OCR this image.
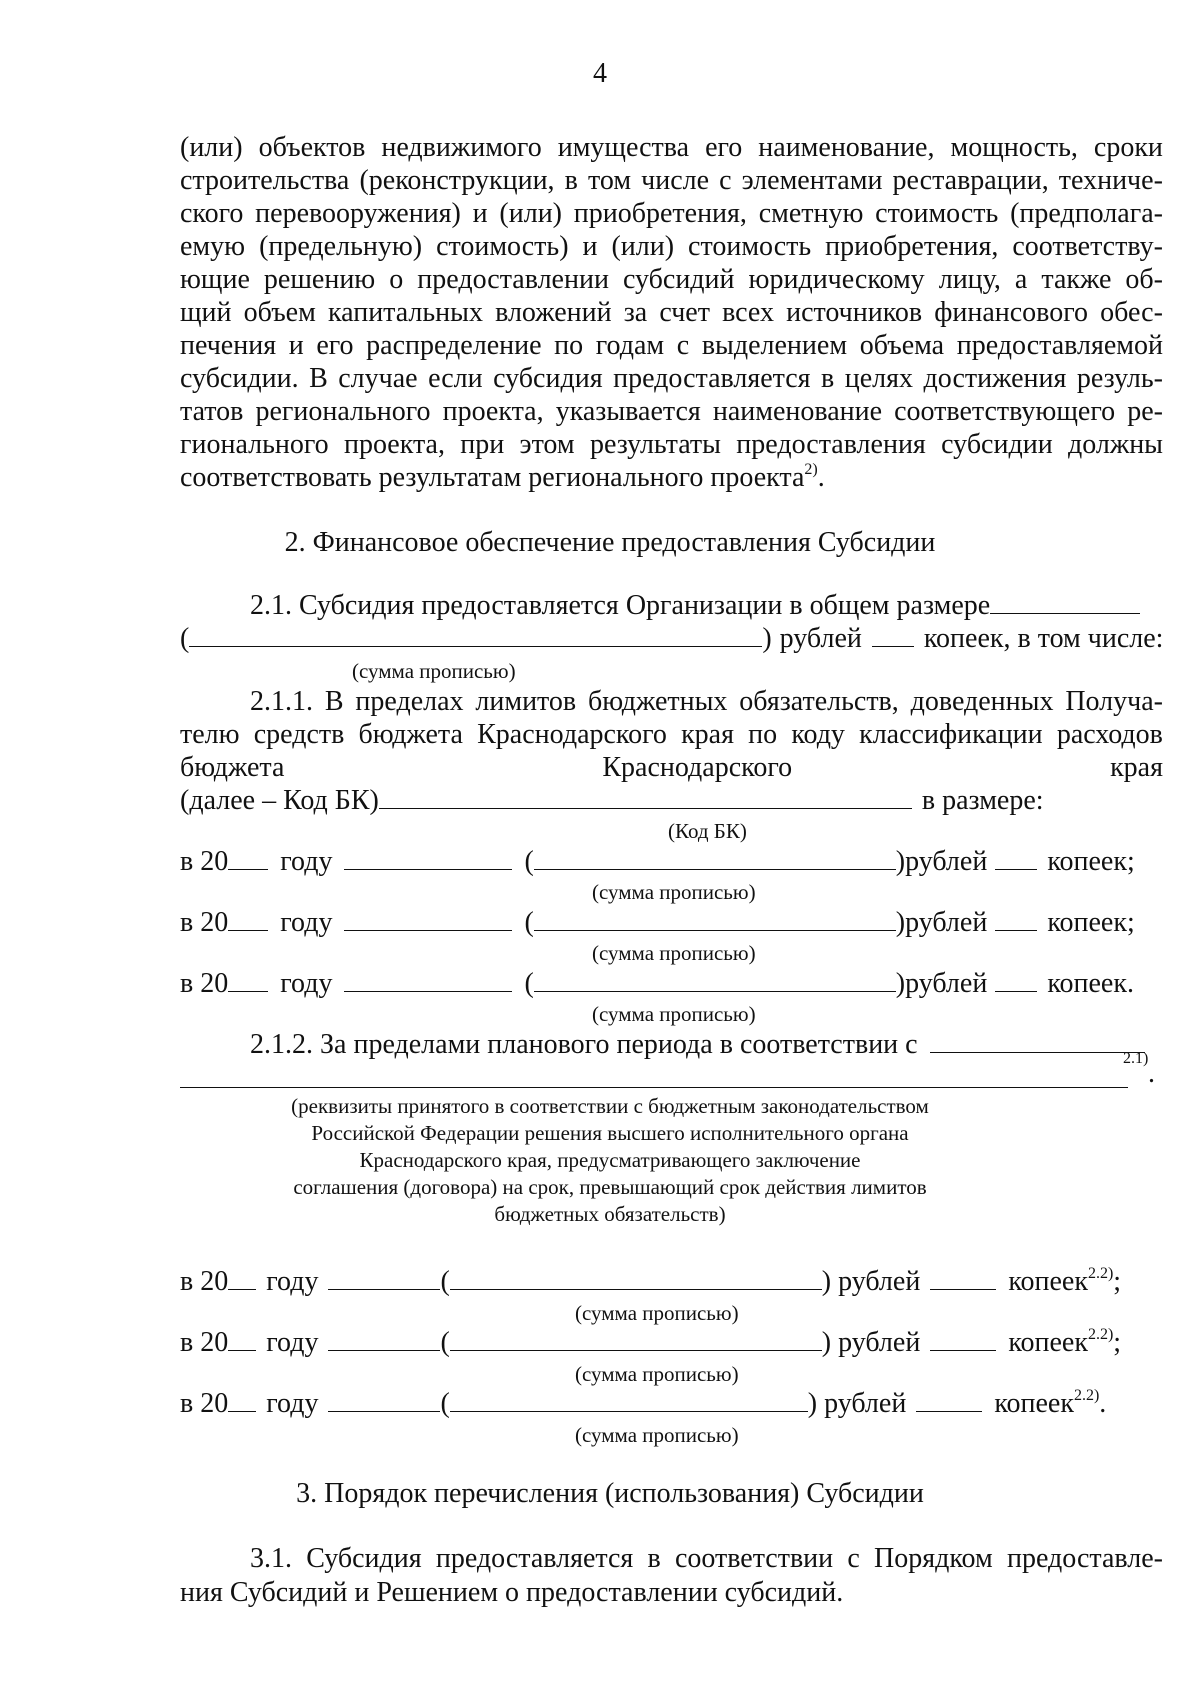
4
(или) объектов недвижимого имущества его наименование, мощность, сроки
строительства (реконструкции, в том числе с элементами реставрации, техниче-
ского перевооружения) и (или) приобретения, сметную стоимость (предполага-
емую (предельную) стоимость) и (или) стоимость приобретения, соответству-
ющие решению о предоставлении субсидий юридическому лицу, а также об-
щий объем капитальных вложений за счет всех источников финансового обес-
печения и его распределение по годам с выделением объема предоставляемой
субсидии. В случае если субсидия предоставляется в целях достижения резуль-
татов регионального проекта, указывается наименование соответствующего ре-
гионального проекта, при этом результаты предоставления субсидии должны
соответствовать результатам регионального проекта$^{2)}$.
2. Финансовое обеспечение предоставления Субсидии
2.1. Субсидия предоставляется Организации в общем размере
(	) рублей копеек, в том числе:
(сумма прописью)
2.1.1. В пределах лимитов бюджетных обязательств, доведенных Получа-
телю средств бюджета Краснодарского края по коду классификации расходов
бюджета	Краснодарского	края
(далее – Код БК)	в размере:
(Код БК)
в 20 году	(	)рублей копеек;
(сумма прописью)
в 20 году	(	)рублей копеек;
(сумма прописью)
в 20 году	(	)рублей копеек.
(сумма прописью)
2.1.2. За пределами планового периода в соответствии с	2.1) .
(реквизиты принятого в соответствии с бюджетным законодательством
Российской Федерации решения высшего исполнительного органа
Краснодарского края, предусматривающего заключение
соглашения (договора) на срок, превышающий срок действия лимитов
бюджетных обязательств)
в 20 году	(	) рублей	копеек$^{2.2)}$;
(сумма прописью)
в 20 году	(	) рублей	копеек$^{2.2)}$;
(сумма прописью)
в 20 году	(	) рублей	копеек$^{2.2)}$.
(сумма прописью)
3. Порядок перечисления (использования) Субсидии
3.1. Субсидия предоставляется в соответствии с Порядком предоставле-
ния Субсидий и Решением о предоставлении субсидий.
